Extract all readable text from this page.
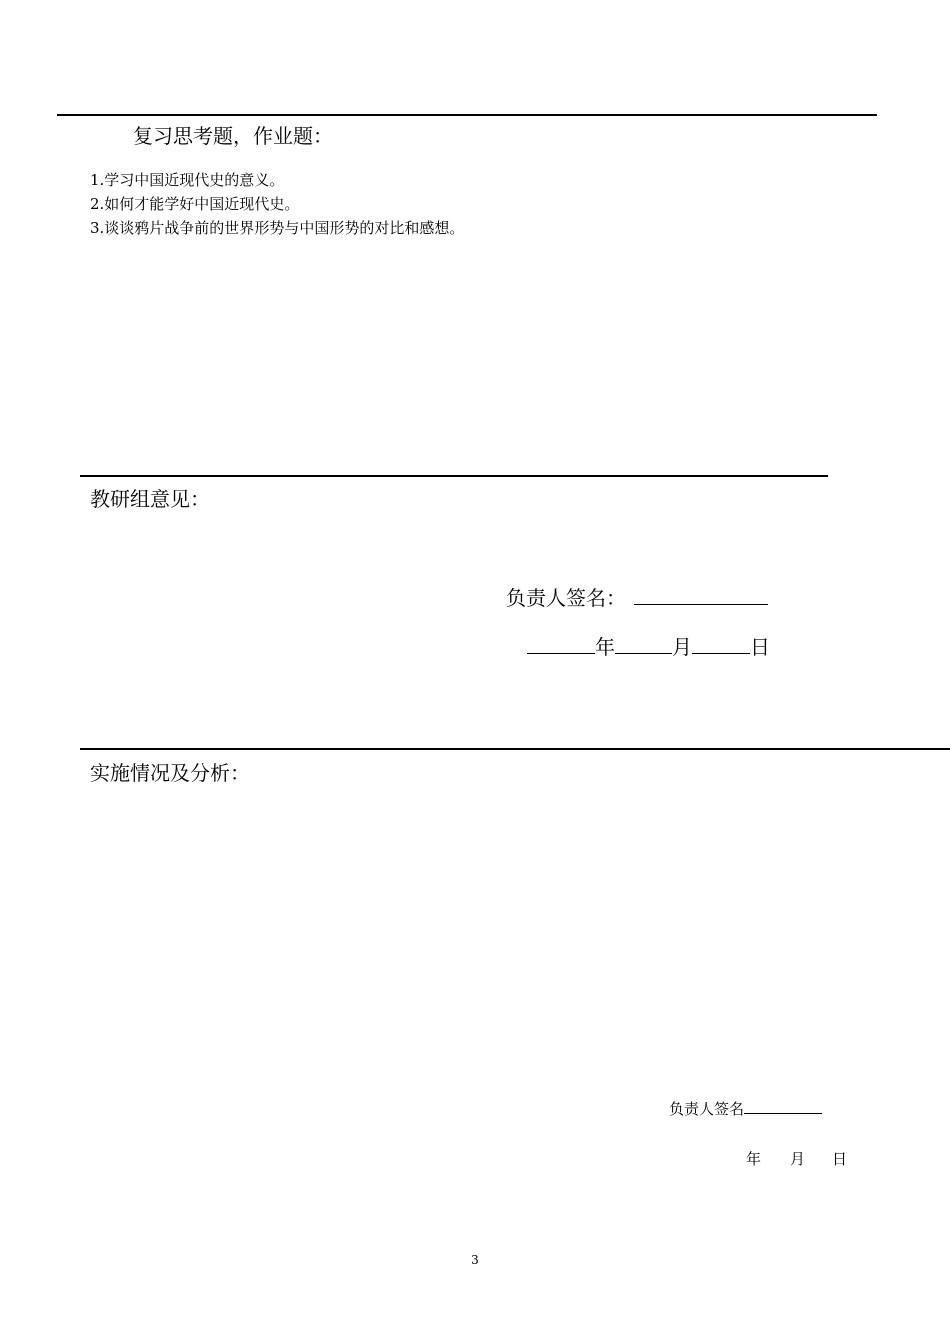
复习思考题，作业题：
1.学习中国近现代史的意义。
2.如何才能学好中国近现代史。
3.谈谈鸦片战争前的世界形势与中国形势的对比和感想。
教研组意见：
负责人签名：
年	月	日
实施情况及分析：
负责人签名
年 月 日
3
